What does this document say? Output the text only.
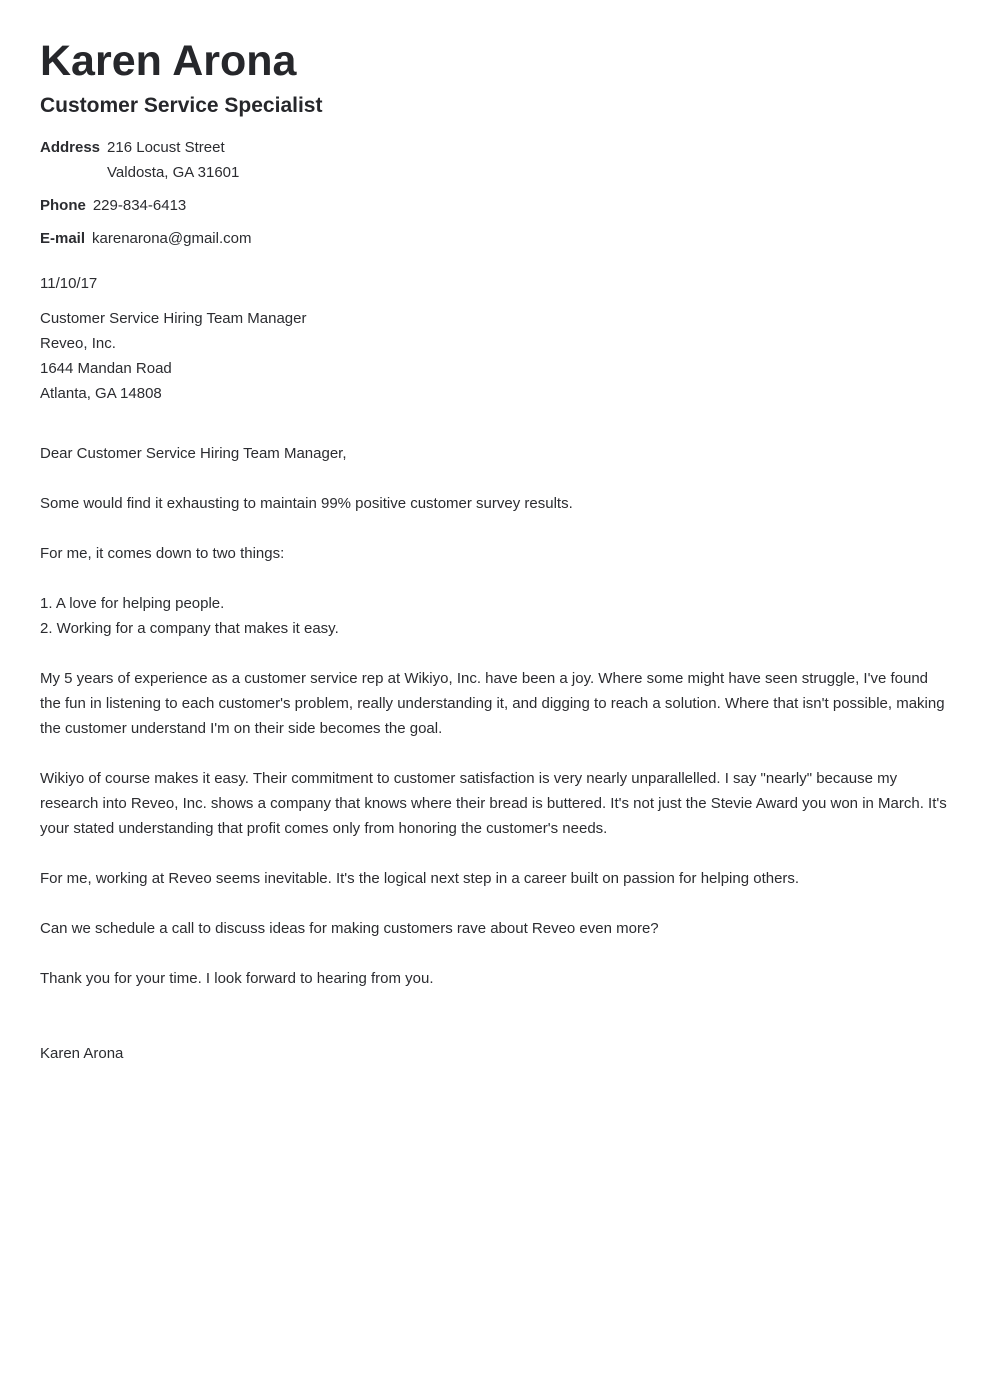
Karen Arona
Customer Service Specialist
Address 216 Locust Street
Valdosta, GA 31601
Phone 229-834-6413
E-mail karenarona@gmail.com
11/10/17
Customer Service Hiring Team Manager
Reveo, Inc.
1644 Mandan Road
Atlanta, GA 14808
Dear Customer Service Hiring Team Manager,

Some would find it exhausting to maintain 99% positive customer survey results.

For me, it comes down to two things:

1. A love for helping people.
2. Working for a company that makes it easy.

My 5 years of experience as a customer service rep at Wikiyo, Inc. have been a joy. Where some might have seen struggle, I've found the fun in listening to each customer's problem, really understanding it, and digging to reach a solution. Where that isn't possible, making the customer understand I'm on their side becomes the goal.

Wikiyo of course makes it easy. Their commitment to customer satisfaction is very nearly unparallelled. I say "nearly" because my research into Reveo, Inc. shows a company that knows where their bread is buttered. It's not just the Stevie Award you won in March. It's your stated understanding that profit comes only from honoring the customer's needs.

For me, working at Reveo seems inevitable. It's the logical next step in a career built on passion for helping others.

Can we schedule a call to discuss ideas for making customers rave about Reveo even more?

Thank you for your time. I look forward to hearing from you.

Karen Arona
